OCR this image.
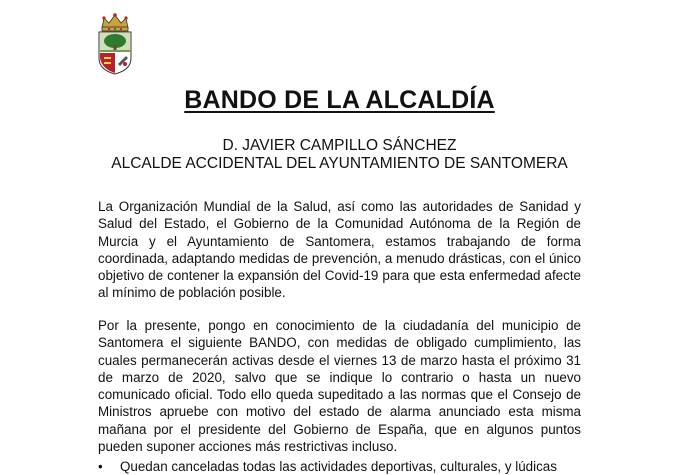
BANDO DE LA ALCALDÍA

D. JAVIER CAMPILLO SÁNCHEZ

ALCALDE ACCIDENTAL DEL AYUNTAMIENTO DE SANTOMERA

La Organización Mundial de la Salud, así como las autoridades de Sanidad y Salud del Estado, el Gobierno de la Comunidad Autónoma de la Región de Murcia y el Ayuntamiento de Santomera, estamos trabajando de forma coordinada, adaptando medidas de prevención, a menudo drásticas, con el único objetivo de contener la expansión del Covid-19 para que esta enfermedad afecte al mínimo de población posible.

Por la presente, pongo en conocimiento de la ciudadanía del municipio de Santomera el siguiente BANDO, con medidas de obligado cumplimiento, las cuales permanecerán activas desde el viernes 13 de marzo hasta el próximo 31 de marzo de 2020, salvo que se indique lo contrario o hasta un nuevo comunicado oficial. Todo ello queda supeditado a las normas que el Consejo de Ministros apruebe con motivo del estado de alarma anunciado esta misma mañana por el presidente del Gobierno de España, que en algunos puntos pueden suponer acciones más restrictivas incluso.

• Quedan canceladas todas las actividades deportivas, culturales, y lúdicas
